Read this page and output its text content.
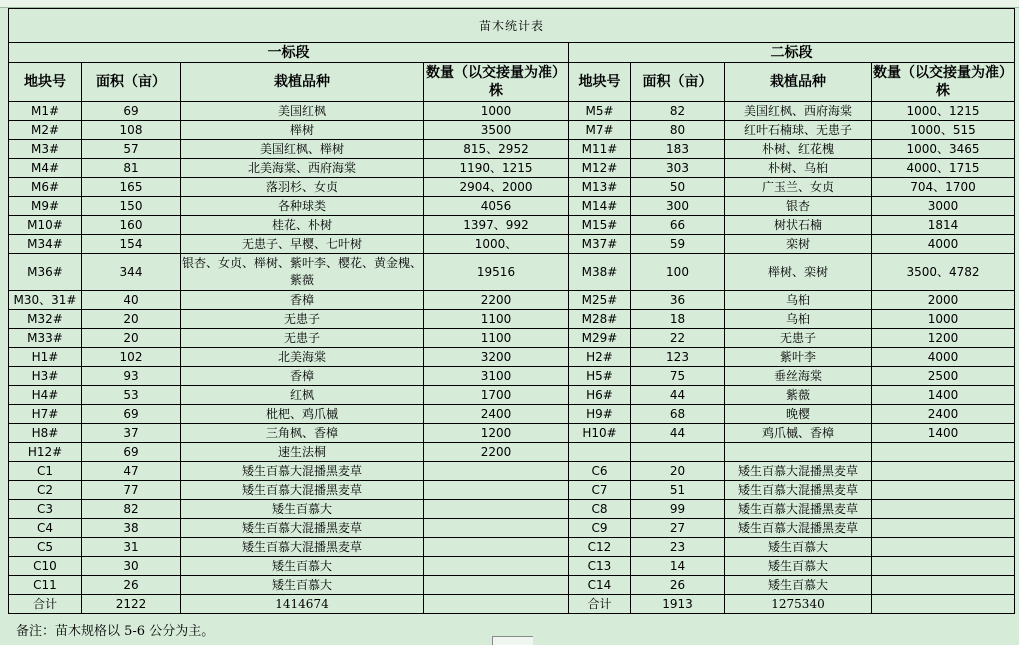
苗木统计表							
一标段				二标段			
地块号	面积（亩）	栽植品种	数量（以交接量为准）株	地块号	面积（亩）	栽植品种	数量（以交接量为准）株
M1#	69	美国红枫	1000	M5#	82	美国红枫、西府海棠	1000、1215
M2#	108	榉树	3500	M7#	80	红叶石楠球、无患子	1000、515
M3#	57	美国红枫、榉树	815、2952	M11#	183	朴树、红花槐	1000、3465
M4#	81	北美海棠、西府海棠	1190、1215	M12#	303	朴树、乌桕	4000、1715
M6#	165	落羽杉、女贞	2904、2000	M13#	50	广玉兰、女贞	704、1700
M9#	150	各种球类	4056	M14#	300	银杏	3000
M10#	160	桂花、朴树	1397、992	M15#	66	树状石楠	1814
M34#	154	无患子、早樱、七叶树	1000、	M37#	59	栾树	4000
M36#	344	银杏、女贞、榉树、紫叶李、樱花、黄金槐、紫薇	19516	M38#	100	榉树、栾树	3500、4782
M30、31#	40	香樟	2200	M25#	36	乌桕	2000
M32#	20	无患子	1100	M28#	18	乌桕	1000
M33#	20	无患子	1100	M29#	22	无患子	1200
H1#	102	北美海棠	3200	H2#	123	紫叶李	4000
H3#	93	香樟	3100	H5#	75	垂丝海棠	2500
H4#	53	红枫	1700	H6#	44	紫薇	1400
H7#	69	枇杷、鸡爪槭	2400	H9#	68	晚樱	2400
H8#	37	三角枫、香樟	1200	H10#	44	鸡爪槭、香樟	1400
H12#	69	速生法桐	2200				
C1	47	矮生百慕大混播黑麦草		C6	20	矮生百慕大混播黑麦草	
C2	77	矮生百慕大混播黑麦草		C7	51	矮生百慕大混播黑麦草	
C3	82	矮生百慕大		C8	99	矮生百慕大混播黑麦草	
C4	38	矮生百慕大混播黑麦草		C9	27	矮生百慕大混播黑麦草	
C5	31	矮生百慕大混播黑麦草		C12	23	矮生百慕大	
C10	30	矮生百慕大		C13	14	矮生百慕大	
C11	26	矮生百慕大		C14	26	矮生百慕大	
合计	2122	1414674		合计	1913	1275340	
备注：苗木规格以 5-6 公分为主。
